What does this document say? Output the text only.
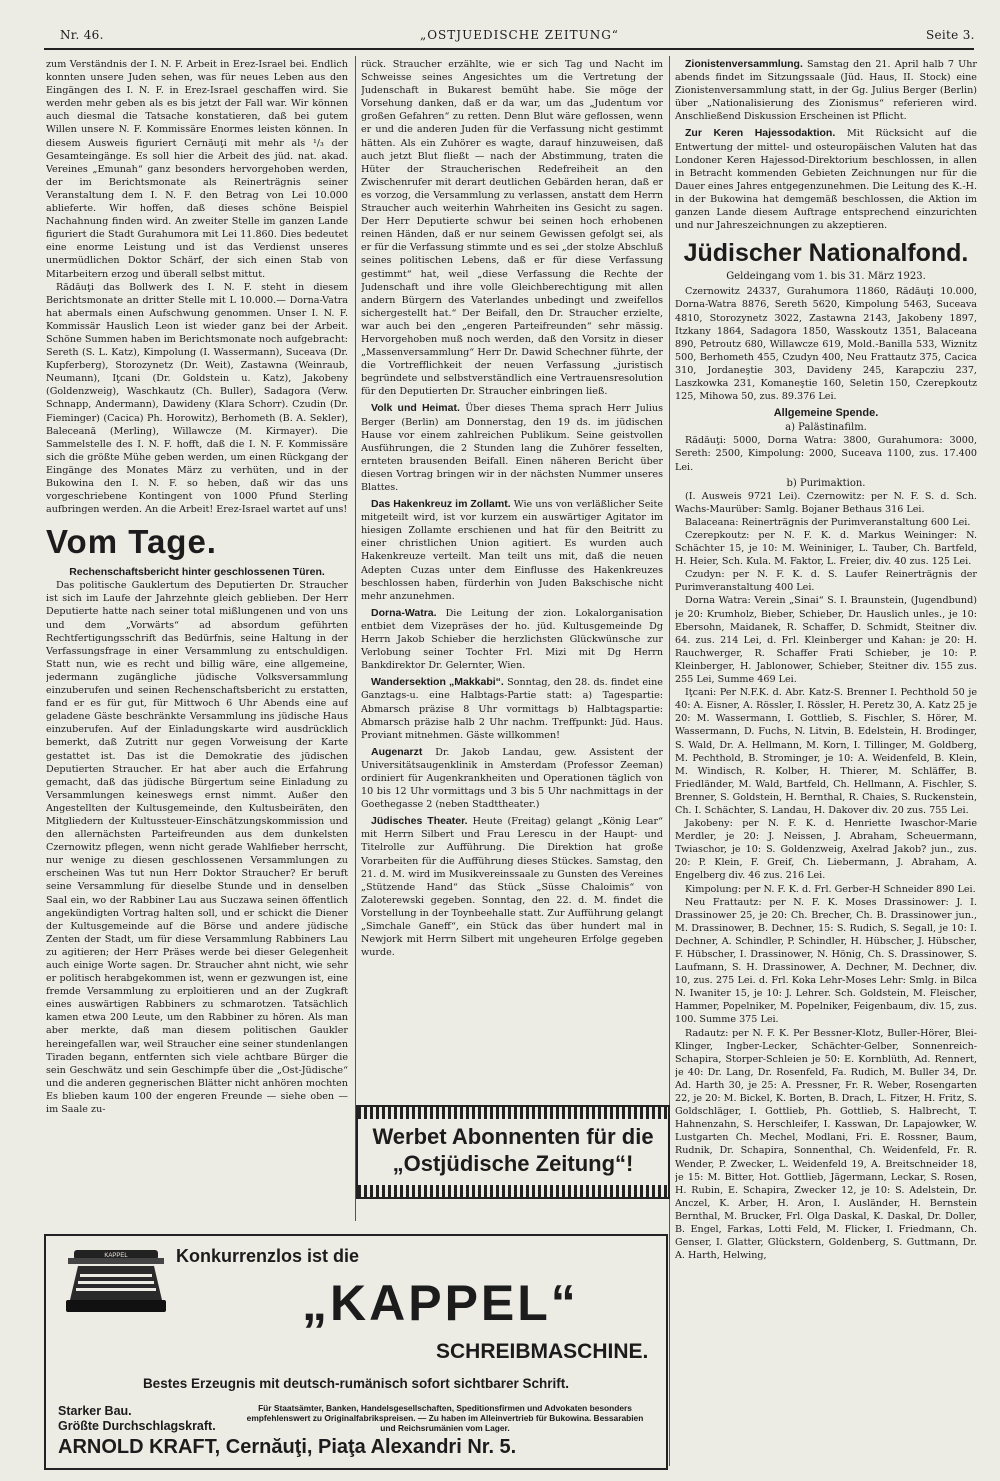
Nr. 46.	„OSTJUEDISCHE ZEITUNG“	Seite 3.

zum Verständnis der I. N. F. Arbeit in Erez-Israel bei. Endlich konnten unsere Juden sehen, was für neues Leben aus den Eingängen des I. N. F. in Erez-Israel geschaffen wird. Sie werden mehr geben als es bis jetzt der Fall war. Wir können auch diesmal die Tatsache konstatieren, daß bei gutem Willen unsere N. F. Kommissäre Enormes leisten können. In diesem Ausweis figuriert Cernăuţi mit mehr als ¹/₃ der Gesamteingänge. Es soll hier die Arbeit des jüd. nat. akad. Vereines „Emunah“ ganz besonders hervorgehoben werden, der im Berichtsmonate als Reinerträgnis seiner Veranstaltung dem I. N. F. den Betrag von Lei 10.000 ablieferte. Wir hoffen, daß dieses schöne Beispiel Nachahnung finden wird. An zweiter Stelle im ganzen Lande figuriert die Stadt Gurahumora mit Lei 11.860. Dies bedeutet eine enorme Leistung und ist das Verdienst unseres unermüdlichen Doktor Schärf, der sich einen Stab von Mitarbeitern erzog und überall selbst mittut.

Rădăuţi das Bollwerk des I. N. F. steht in diesem Berichtsmonate an dritter Stelle mit L 10.000.— Dorna-Vatra hat abermals einen Aufschwung genommen. Unser I. N. F. Kommissär Hauslich Leon ist wieder ganz bei der Arbeit. Schöne Summen haben im Berichtsmonate noch aufgebracht: Sereth (S. L. Katz), Kimpolung (I. Wassermann), Suceava (Dr. Kupferberg), Storozynetz (Dr. Weit), Zastawna (Weinraub, Neumann), Iţcani (Dr. Goldstein u. Katz), Jakobeny (Goldenzweig), Waschkautz (Ch. Buller), Sadagora (Verw. Schnapp, Andermann), Dawideny (Klara Schorr). Czudin (Dr. Fieminger) (Cacica) Ph. Horowitz), Berhometh (B. A. Sekler), Baleceană (Merling), Willawcze (M. Kirmayer). Die Sammelstelle des I. N. F. hofft, daß die I. N. F. Kommissäre sich die größte Mühe geben werden, um einen Rückgang der Eingänge des Monates März zu verhüten, und in der Bukowina den I. N. F. so heben, daß wir das uns vorgeschriebene Kontingent von 1000 Pfund Sterling aufbringen werden. An die Arbeit! Erez-Israel wartet auf uns!

Vom Tage.
Rechenschaftsbericht hinter geschlossenen Türen.

Das politische Gauklertum des Deputierten Dr. Straucher ist sich im Laufe der Jahrzehnte gleich geblieben. Der Herr Deputierte hatte nach seiner total mißlungenen und von uns und dem „Vorwärts“ ad absordum geführten Rechtfertigungsschrift das Bedürfnis, seine Haltung in der Verfassungsfrage in einer Versammlung zu entschuldigen. Statt nun, wie es recht und billig wäre, eine allgemeine, jedermann zugängliche jüdische Volksversammlung einzuberufen und seinen Rechenschaftsbericht zu erstatten, fand er es für gut, für Mittwoch 6 Uhr Abends eine auf geladene Gäste beschränkte Versammlung ins jüdische Haus einzuberufen. Auf der Einladungskarte wird ausdrücklich bemerkt, daß Zutritt nur gegen Vorweisung der Karte gestattet ist. Das ist die Demokratie des jüdischen Deputierten Straucher. Er hat aber auch die Erfahrung gemacht, daß das jüdische Bürgertum seine Einladung zu Versammlungen keineswegs ernst nimmt. Außer den Angestellten der Kultusgemeinde, den Kultusbeiräten, den Mitgliedern der Kultussteuer-Einschätzungskommission und den allernächsten Parteifreunden aus dem dunkelsten Czernowitz pflegen, wenn nicht gerade Wahlfieber herrscht, nur wenige zu diesen geschlossenen Versammlungen zu erscheinen Was tut nun Herr Doktor Straucher? Er beruft seine Versammlung für dieselbe Stunde und in denselben Saal ein, wo der Rabbiner Lau aus Suczawa seinen öffentlich angekündigten Vortrag halten soll, und er schickt die Diener der Kultusgemeinde auf die Börse und andere jüdische Zenten der Stadt, um für diese Versammlung Rabbiners Lau zu agitieren; der Herr Präses werde bei dieser Gelegenheit auch einige Worte sagen. Dr. Straucher ahnt nicht, wie sehr er politisch herabgekommen ist, wenn er gezwungen ist, eine fremde Versammlung zu erploitieren und an der Zugkraft eines auswärtigen Rabbiners zu schmarotzen. Tatsächlich kamen etwa 200 Leute, um den Rabbiner zu hören. Als man aber merkte, daß man diesem politischen Gaukler hereingefallen war, weil Straucher eine seiner stundenlangen Tiraden begann, entfernten sich viele achtbare Bürger die sein Geschwätz und sein Geschimpfe über die „Ost-Jüdische“ und die anderen gegnerischen Blätter nicht anhören mochten Es blieben kaum 100 der engeren Freunde — siehe oben — im Saale zu-

rück. Straucher erzählte, wie er sich Tag und Nacht im Schweisse seines Angesichtes um die Vertretung der Judenschaft in Bukarest bemüht habe. Sie möge der Vorsehung danken, daß er da war, um das „Judentum vor großen Gefahren“ zu retten. Denn Blut wäre geflossen, wenn er und die anderen Juden für die Verfassung nicht gestimmt hätten. Als ein Zuhörer es wagte, darauf hinzuweisen, daß auch jetzt Blut fließt — nach der Abstimmung, traten die Hüter der Straucherischen Redefreiheit an den Zwischenrufer mit derart deutlichen Gebärden heran, daß er es vorzog, die Versammlung zu verlassen, anstatt dem Herrn Straucher auch weiterhin Wahrheiten ins Gesicht zu sagen. Der Herr Deputierte schwur bei seinen hoch erhobenen reinen Händen, daß er nur seinem Gewissen gefolgt sei, als er für die Verfassung stimmte und es sei „der stolze Abschluß seines politischen Lebens, daß er für diese Verfassung gestimmt“ hat, weil „diese Verfassung die Rechte der Judenschaft und ihre volle Gleichberechtigung mit allen andern Bürgern des Vaterlandes unbedingt und zweifellos sichergestellt hat.“ Der Beifall, den Dr. Straucher erzielte, war auch bei den „engeren Parteifreunden“ sehr mässig. Hervorgehoben muß noch werden, daß den Vorsitz in dieser „Massenversammlung“ Herr Dr. Dawid Schechner führte, der die Vortrefflichkeit der neuen Verfassung „juristisch begründete und selbstverständlich eine Vertrauensresolution für den Deputierten Dr. Straucher einbringen ließ.

Volk und Heimat. Über dieses Thema sprach Herr Julius Berger (Berlin) am Donnerstag, den 19 ds. im jüdischen Hause vor einem zahlreichen Publikum. Seine geistvollen Ausführungen, die 2 Stunden lang die Zuhörer fesselten, ernteten brausenden Beifall. Einen näheren Bericht über diesen Vortrag bringen wir in der nächsten Nummer unseres Blattes.

Das Hakenkreuz im Zollamt. Wie uns von verläßlicher Seite mitgeteilt wird, ist vor kurzem ein auswärtiger Agitator im hiesigen Zollamte erschienen und hat für den Beitritt zu einer christlichen Union agitiert. Es wurden auch Hakenkreuze verteilt. Man teilt uns mit, daß die neuen Adepten Cuzas unter dem Einflusse des Hakenkreuzes beschlossen haben, fürderhin von Juden Bakschische nicht mehr anzunehmen.

Dorna-Watra. Die Leitung der zion. Lokalorganisation entbiet dem Vizepräses der ho. jüd. Kultusgemeinde Dg Herrn Jakob Schieber die herzlichsten Glückwünsche zur Verlobung seiner Tochter Frl. Mizi mit Dg Herrn Bankdirektor Dr. Gelernter, Wien.

Wandersektion „Makkabi“. Sonntag, den 28. ds. findet eine Ganztags-u. eine Halbtags-Partie statt: a) Tagespartie: Abmarsch präzise 8 Uhr vormittags b) Halbtagspartie: Abmarsch präzise halb 2 Uhr nachm. Treffpunkt: Jüd. Haus. Proviant mitnehmen. Gäste willkommen!

Augenarzt Dr. Jakob Landau, gew. Assistent der Universitätsaugenklinik in Amsterdam (Professor Zeeman) ordiniert für Augenkrankheiten und Operationen täglich von 10 bis 12 Uhr vormittags und 3 bis 5 Uhr nachmittags in der Goethegasse 2 (neben Stadttheater.)

Jüdisches Theater. Heute (Freitag) gelangt „König Lear“ mit Herrn Silbert und Frau Lerescu in der Haupt- und Titelrolle zur Aufführung. Die Direktion hat große Vorarbeiten für die Aufführung dieses Stückes. Samstag, den 21. d. M. wird im Musikvereinssaale zu Gunsten des Vereines „Stützende Hand“ das Stück „Süsse Chaloimis“ von Zaloterewski gegeben. Sonntag, den 22. d. M. findet die Vorstellung in der Toynbeehalle statt. Zur Aufführung gelangt „Simchale Ganeff“, ein Stück das über hundert mal in Newjork mit Herrn Silbert mit ungeheuren Erfolge gegeben wurde.

Zionistenversammlung. Samstag den 21. April halb 7 Uhr abends findet im Sitzungssaale (Jüd. Haus, II. Stock) eine Zionistenversammlung statt, in der Gg. Julius Berger (Berlin) über „Nationalisierung des Zionismus“ referieren wird. Anschließend Diskussion Erscheinen ist Pflicht.

Zur Keren Hajessodaktion. Mit Rücksicht auf die Entwertung der mittel- und osteuropäischen Valuten hat das Londoner Keren Hajessod-Direktorium beschlossen, in allen in Betracht kommenden Gebieten Zeichnungen nur für die Dauer eines Jahres entgegenzunehmen. Die Leitung des K.-H. in der Bukowina hat demgemäß beschlossen, die Aktion im ganzen Lande diesem Auftrage entsprechend einzurichten und nur Jahreszeichnungen zu akzeptieren.

Jüdischer Nationalfond.
Geldeingang vom 1. bis 31. März 1923.

Czernowitz 24337, Gurahumora 11860, Rădăuţi 10.000, Dorna-Watra 8876, Sereth 5620, Kimpolung 5463, Suceava 4810, Storozynetz 3022, Zastawna 2143, Jakobeny 1897, Itzkany 1864, Sadagora 1850, Wasskoutz 1351, Balaceana 890, Petroutz 680, Willawcze 619, Mold.-Banilla 533, Wiznitz 500, Berhometh 455, Czudyn 400, Neu Frattautz 375, Cacica 310, Jordaneştie 303, Davideny 245, Karapcziu 237, Laszkowka 231, Komaneştie 160, Seletin 150, Czerepkoutz 125, Mihowa 50, zus. 89.376 Lei.

Allgemeine Spende.
a) Palästinafilm.

Rădăuţi: 5000, Dorna Watra: 3800, Gurahumora: 3000, Sereth: 2500, Kimpolung: 2000, Suceava 1100, zus. 17.400 Lei.

b) Purimaktion.

(I. Ausweis 9721 Lei). Czernowitz: per N. F. S. d. Sch. Wachs-Maurüber: Samlg. Bojaner Bethaus 316 Lei.

Balaceana: Reinerträgnis der Purimveranstaltung 600 Lei.

Czerepkoutz: per N. F. K. d. Markus Weininger: N. Schächter 15, je 10: M. Weininiger, L. Tauber, Ch. Bartfeld, H. Heier, Sch. Kula. M. Faktor, L. Freier, div. 40 zus. 125 Lei.

Czudyn: per N. F. K. d. S. Laufer Reinerträgnis der Purimveranstaltung 400 Lei.

Dorna Watra: Verein „Sinai“ S. I. Braunstein, (Jugendbund) je 20: Krumholz, Bieber, Schieber, Dr. Hauslich unles., je 10: Ebersohn, Maidanek, R. Schaffer, D. Schmidt, Steitner div. 64. zus. 214 Lei, d. Frl. Kleinberger und Kahan: je 20: H. Rauchwerger, R. Schaffer Frati Schieber, je 10: P. Kleinberger, H. Jablonower, Schieber, Steitner div. 155 zus. 255 Lei, Summe 469 Lei.

Iţcani: Per N.F.K. d. Abr. Katz-S. Brenner I. Pechthold 50 je 40: A. Eisner, A. Rössler, I. Rössler, H. Peretz 30, A. Katz 25 je 20: M. Wassermann, I. Gottlieb, S. Fischler, S. Hörer, M. Wassermann, D. Fuchs, N. Litvin, B. Edelstein, H. Brodinger, S. Wald, Dr. A. Hellmann, M. Korn, I. Tillinger, M. Goldberg, M. Pechthold, B. Strominger, je 10: A. Weidenfeld, B. Klein, M. Windisch, R. Kolber, H. Thierer, M. Schläffer, B. Friedländer, M. Wald, Bartfeld, Ch. Hellmann, A. Fischler, S. Brenner, S. Goldstein, H. Bernthal, R. Chaies, S. Ruckenstein, Ch. I. Schächter, S. Landau, H. Dakover div. 20 zus. 755 Lei.

Jakobeny: per N. F. K. d. Henriette Iwaschor-Marie Merdler, je 20: J. Neissen, J. Abraham, Scheuermann, Twiaschor, je 10: S. Goldenzweig, Axelrad Jakob? jun., zus. 20: P. Klein, F. Greif, Ch. Liebermann, J. Abraham, A. Engelberg div. 46 zus. 216 Lei.

Kimpolung: per N. F. K. d. Frl. Gerber-H Schneider 890 Lei.

Neu Frattautz: per N. F. K. Moses Drassinower: J. I. Drassinower 25, je 20: Ch. Brecher, Ch. B. Drassinower jun., M. Drassinower, B. Dechner, 15: S. Rudich, S. Segall, je 10: I. Dechner, A. Schindler, P. Schindler, H. Hübscher, J. Hübscher, F. Hübscher, I. Drassinower, N. Hönig, Ch. S. Drassinower, S. Laufmann, S. H. Drassinower, A. Dechner, M. Dechner, div. 10, zus. 275 Lei. d. Frl. Koka Lehr-Moses Lehr: Smlg. in Bilca N. Iwaniter 15, je 10: J. Lehrer. Sch. Goldstein, M. Fleischer, Hammer, Popelniker, M. Popelniker, Feigenbaum, div. 15, zus. 100. Summe 375 Lei.

Radautz: per N. F. K. Per Bessner-Klotz, Buller-Hörer, Blei-Klinger, Ingber-Lecker, Schächter-Gelber, Sonnenreich-Schapira, Storper-Schleien je 50: E. Kornblüth, Ad. Rennert, je 40: Dr. Lang, Dr. Rosenfeld, Fa. Rudich, M. Buller 34, Dr. Ad. Harth 30, je 25: A. Pressner, Fr. R. Weber, Rosengarten 22, je 20: M. Bickel, K. Borten, B. Drach, L. Fitzer, H. Fritz, S. Goldschläger, I. Gottlieb, Ph. Gottlieb, S. Halbrecht, T. Hahnenzahn, S. Herschleifer, I. Kasswan, Dr. Lapajowker, W. Lustgarten Ch. Mechel, Modlani, Fri. E. Rossner, Baum, Rudnik, Dr. Schapira, Sonnenthal, Ch. Weidenfeld, Fr. R. Wender, P. Zwecker, L. Weidenfeld 19, A. Breitschneider 18, je 15: M. Bitter, Hot. Gottlieb, Jägermann, Leckar, S. Rosen, H. Rubin, E. Schapira, Zwecker 12, je 10: S. Adelstein, Dr. Anczel, K. Arber, H. Aron, I. Ausländer, H. Bernstein Bernthal, M. Brucker, Frl. Olga Daskal, K. Daskal, Dr. Doller, B. Engel, Farkas, Lotti Feld, M. Flicker, I. Friedmann, Ch. Genser, I. Glatter, Glückstern, Goldenberg, S. Guttmann, Dr. A. Harth, Helwing,

Werbet Abonnenten für die
„Ostjüdische Zeitung“!
KAPPEL	Konkurrenzlos ist die
„KAPPEL“
SCHREIBMASCHINE.
Bestes Erzeugnis mit deutsch-rumänisch sofort sichtbarer Schrift.
Starker Bau.
Größte Durchschlagskraft.
Für Staatsämter, Banken, Handelsgesellschaften, Speditionsfirmen und Advokaten besonders empfehlenswert zu Originalfabrikspreisen. — Zu haben im Alleinvertrieb für Bukowina. Bessarabien und Reichsrumänien vom Lager.
ARNOLD KRAFT, Cernăuţi, Piaţa Alexandri Nr. 5.
